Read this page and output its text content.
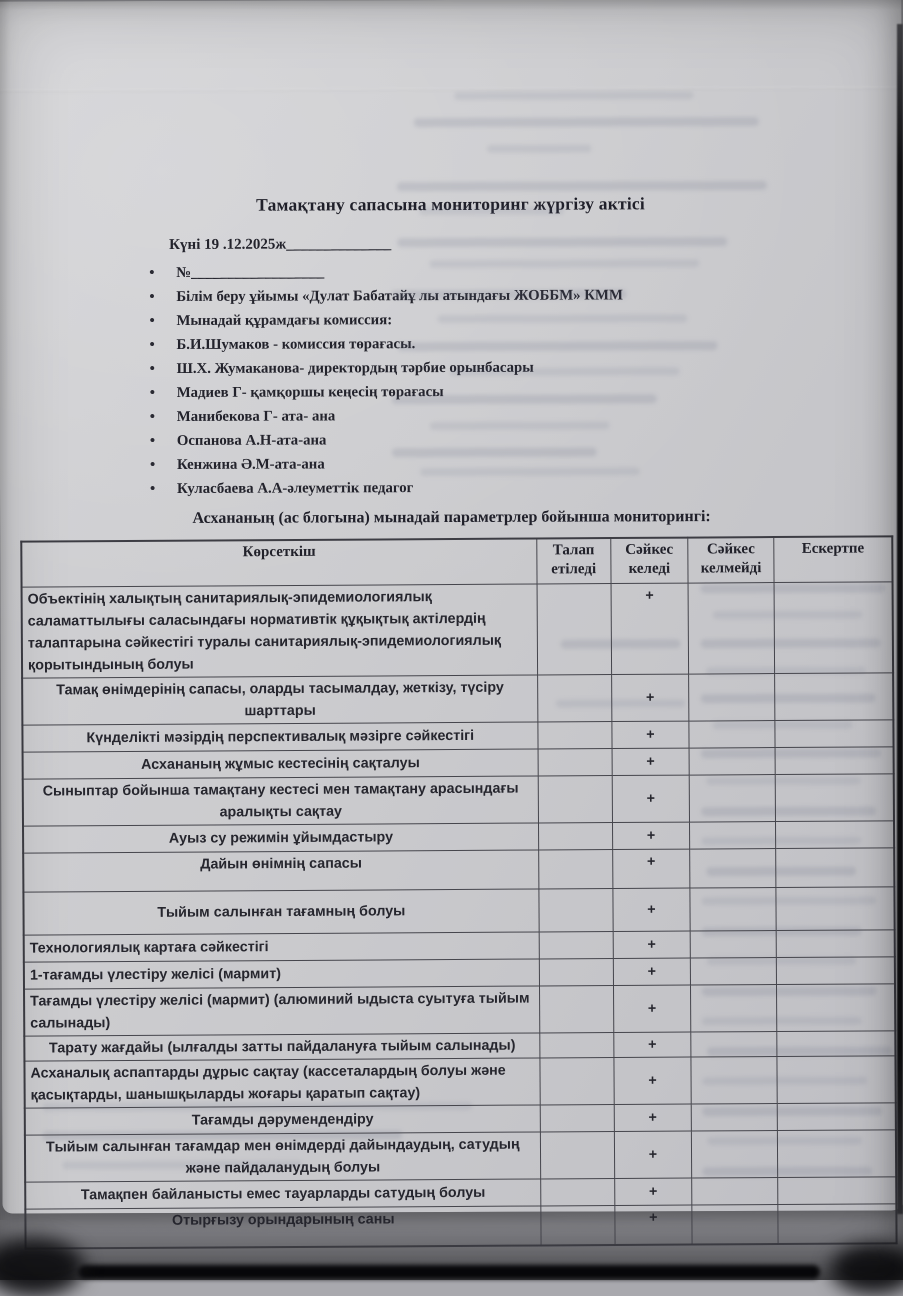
Тамақтану сапасына мониторинг жүргізу актісі
Күні 19 .12.2025ж______________
•	№__________________
•	Білім беру ұйымы «Дулат Бабатайұ лы атындағы ЖОББМ» КММ
•	Мынадай құрамдағы комиссия:
•	Б.И.Шумаков - комиссия төрағасы.
•	Ш.Х. Жумаканова- директордың тәрбие орынбасары
•	Мадиев Г- қамқоршы кеңесің төрағасы
•	Манибекова Г- ата- ана
•	Оспанова А.Н-ата-ана
•	Кенжина Ә.М-ата-ана
•	Куласбаева А.А-әлеуметтік педагог
Асхананың (ас блогына) мынадай параметрлер бойынша мониторингі:
Көрсеткіш	Талап етіледі	Сәйкес келеді	Сәйкес келмейді	Ескертпе
Объектінің халықтың санитариялық-эпидемиологиялық саламаттылығы саласындағы нормативтік құқықтық актілердің талаптарына сәйкестігі туралы санитариялық-эпидемиологиялық қорытындының болуы		+		
Тамақ өнімдерінің сапасы, оларды тасымалдау, жеткізу, түсіру шарттары		+		
Күнделікті мәзірдің перспективалық мәзірге сәйкестігі		+		
Асхананың жұмыс кестесінің сақталуы		+		
Сыныптар бойынша тамақтану кестесі мен тамақтану арасындағы аралықты сақтау		+		
Ауыз су режимін ұйымдастыру		+		
Дайын өнімнің сапасы		+		
Тыйым салынған тағамның болуы		+		
Технологиялық картаға сәйкестігі		+		
1-тағамды үлестіру желісі (мармит)		+		
Тағамды үлестіру желісі (мармит) (алюминий ыдыста суытуға тыйым салынады)		+		
Тарату жағдайы (ылғалды затты пайдалануға тыйым салынады)		+		
Асханалық аспаптарды дұрыс сақтау (кассеталардың болуы және қасықтарды, шанышқыларды жоғары қаратып сақтау)		+		
Тағамды дәрумендендіру		+		
Тыйым салынған тағамдар мен өнімдерді дайындаудың, сатудың және пайдаланудың болуы		+		
Тамақпен байланысты емес тауарларды сатудың болуы		+		
Отырғызу орындарының саны		+		
